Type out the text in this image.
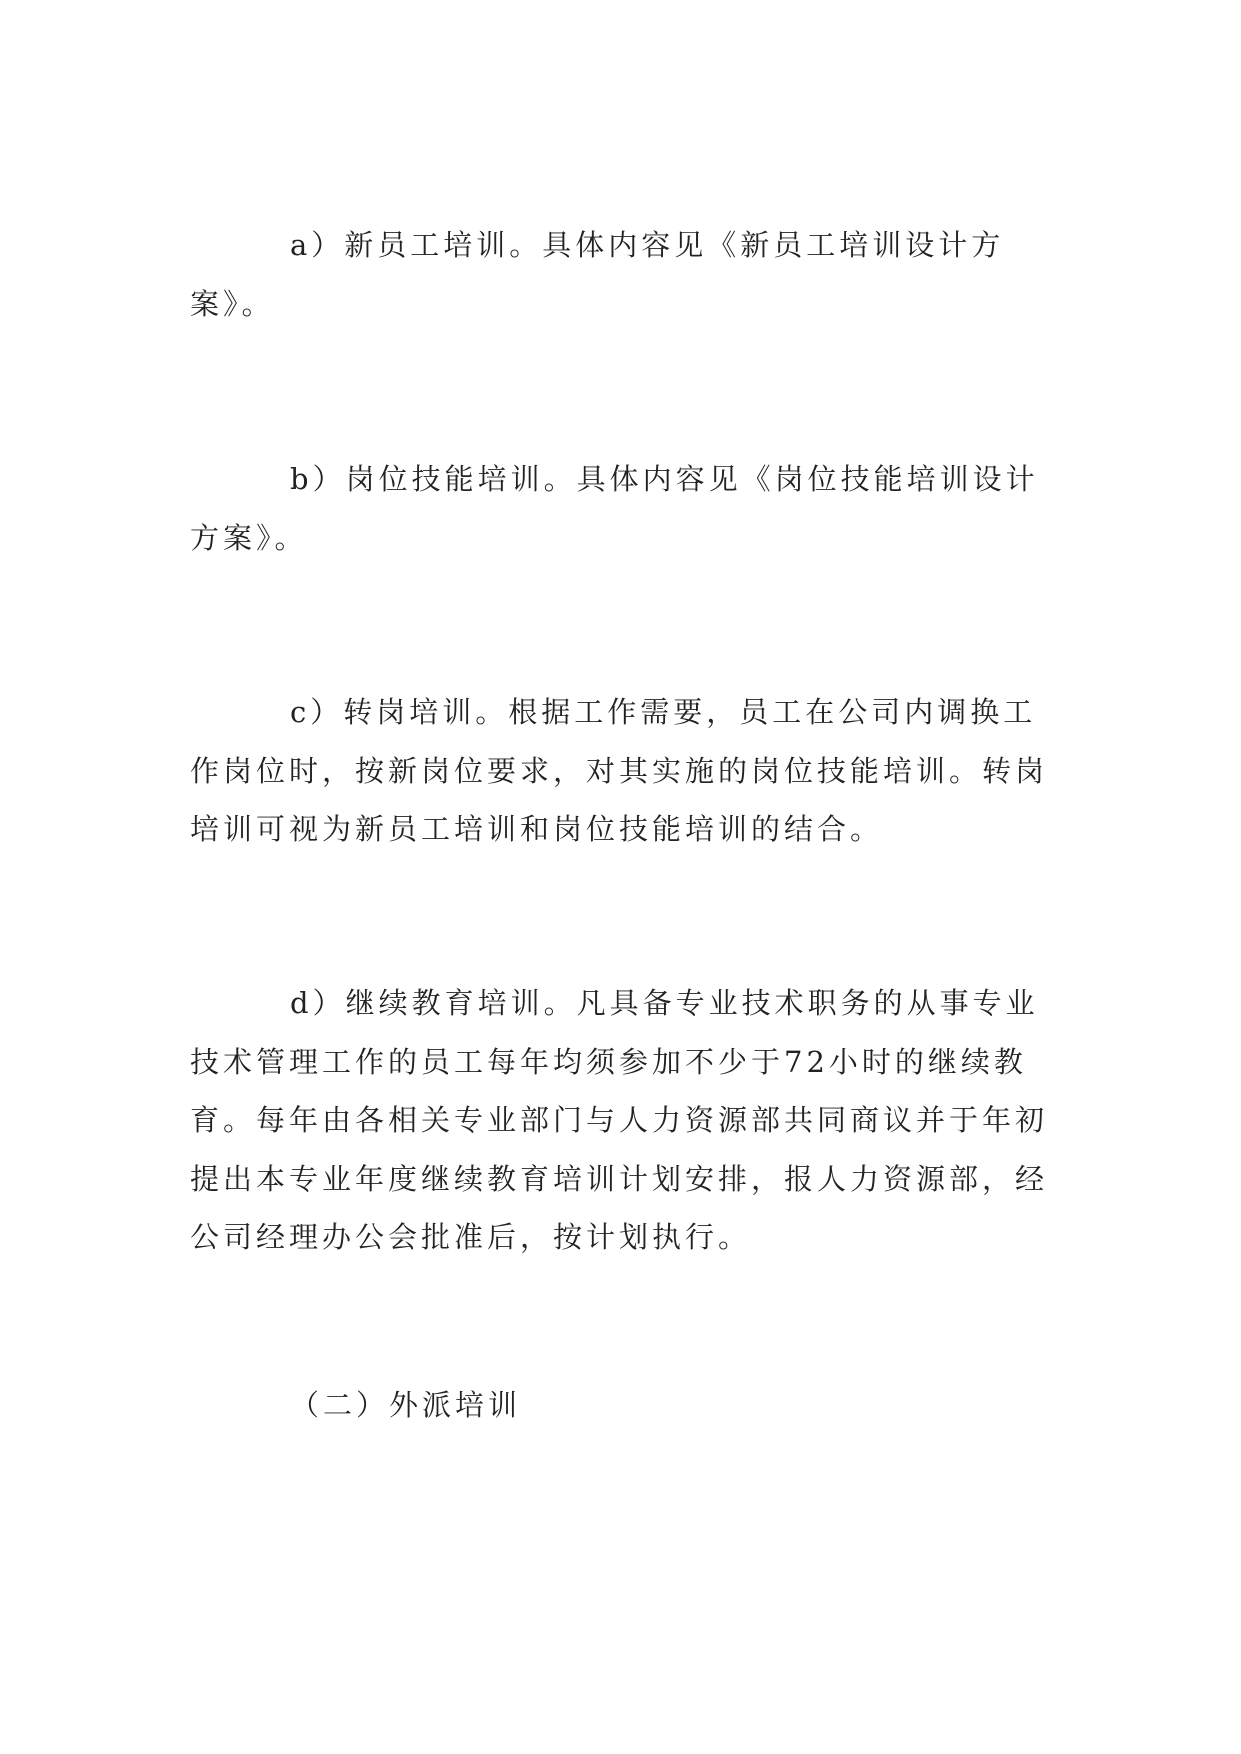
a）新员工培训。具体内容见《新员工培训设计方案》。

b）岗位技能培训。具体内容见《岗位技能培训设计方案》。

c）转岗培训。根据工作需要，员工在公司内调换工作岗位时，按新岗位要求，对其实施的岗位技能培训。转岗培训可视为新员工培训和岗位技能培训的结合。

d）继续教育培训。凡具备专业技术职务的从事专业技术管理工作的员工每年均须参加不少于72小时的继续教育。每年由各相关专业部门与人力资源部共同商议并于年初提出本专业年度继续教育培训计划安排，报人力资源部，经公司经理办公会批准后，按计划执行。

（二）外派培训
